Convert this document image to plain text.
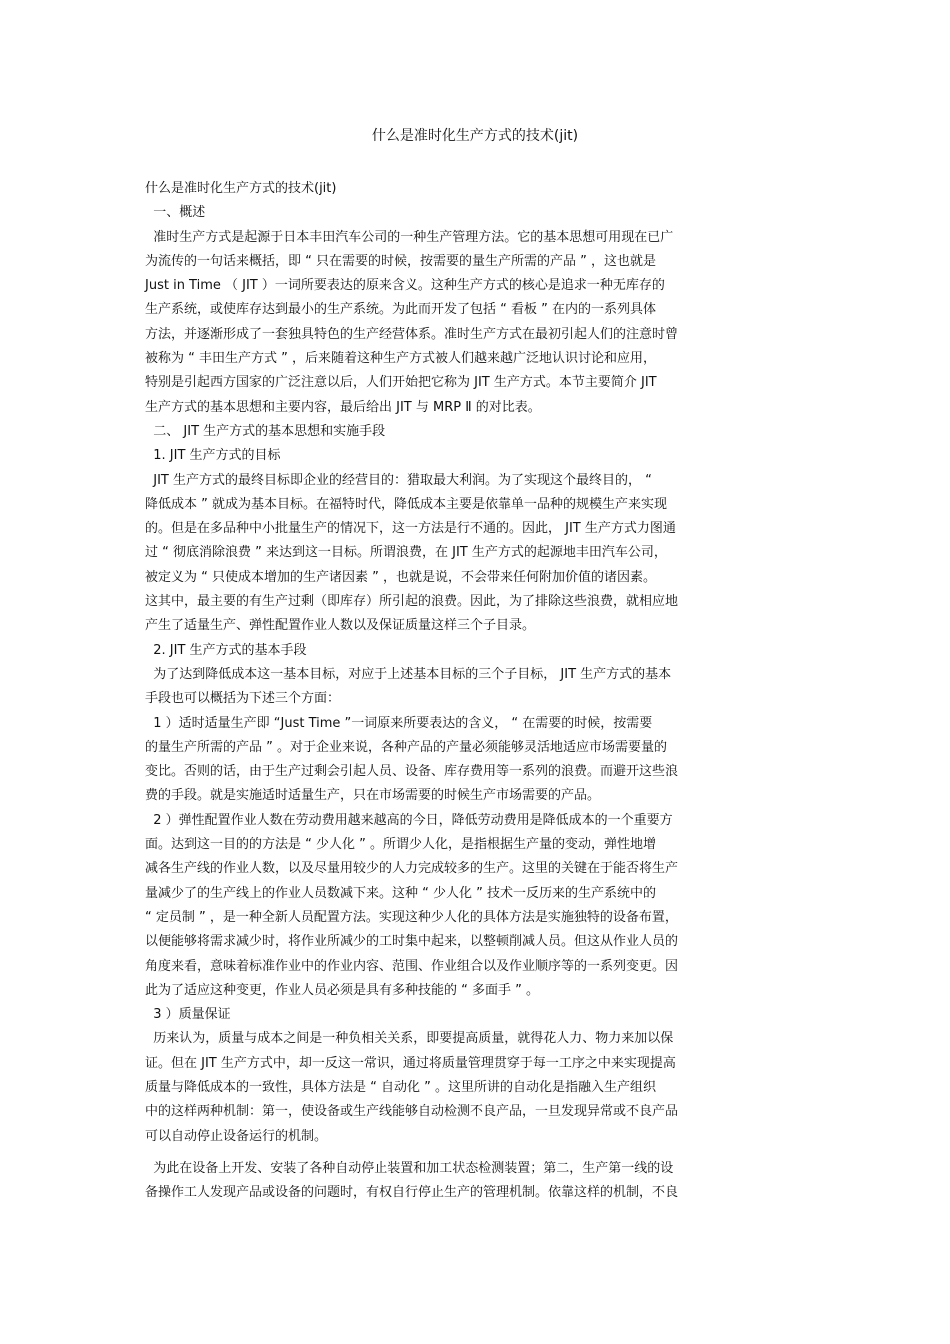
什么是准时化生产方式的技术(jit)
什么是准时化生产方式的技术(jit)
一、概述
准时生产方式是起源于日本丰田汽车公司的一种生产管理方法。它的基本思想可用现在已广
为流传的一句话来概括，即 “ 只在需要的时候，按需要的量生产所需的产品 ” ，这也就是
Just in Time （ JIT ）一词所要表达的原来含义。这种生产方式的核心是追求一种无库存的
生产系统，或使库存达到最小的生产系统。为此而开发了包括 “ 看板 ” 在内的一系列具体
方法，并逐渐形成了一套独具特色的生产经营体系。准时生产方式在最初引起人们的注意时曾
被称为 “ 丰田生产方式 ” ，后来随着这种生产方式被人们越来越广泛地认识讨论和应用，
特别是引起西方国家的广泛注意以后，人们开始把它称为 JIT 生产方式。本节主要简介 JIT
生产方式的基本思想和主要内容，最后给出 JIT 与 MRP Ⅱ 的对比表。
二、 JIT 生产方式的基本思想和实施手段
1. JIT 生产方式的目标
JIT 生产方式的最终目标即企业的经营目的：猎取最大利润。为了实现这个最终目的， “
降低成本 ” 就成为基本目标。在福特时代，降低成本主要是依靠单一品种的规模生产来实现
的。但是在多品种中小批量生产的情况下，这一方法是行不通的。因此， JIT 生产方式力图通
过 “ 彻底消除浪费 ” 来达到这一目标。所谓浪费，在 JIT 生产方式的起源地丰田汽车公司，
被定义为 “ 只使成本增加的生产诸因素 ” ，也就是说，不会带来任何附加价值的诸因素。
这其中，最主要的有生产过剩（即库存）所引起的浪费。因此，为了排除这些浪费，就相应地
产生了适量生产、弹性配置作业人数以及保证质量这样三个子目录。
2. JIT 生产方式的基本手段
为了达到降低成本这一基本目标，对应于上述基本目标的三个子目标， JIT 生产方式的基本
手段也可以概括为下述三个方面：
1 ）适时适量生产即 “Just Time ”一词原来所要表达的含义， “ 在需要的时候，按需要
的量生产所需的产品 ” 。对于企业来说，各种产品的产量必须能够灵活地适应市场需要量的
变比。否则的话，由于生产过剩会引起人员、设备、库存费用等一系列的浪费。而避开这些浪
费的手段。就是实施适时适量生产，只在市场需要的时候生产市场需要的产品。
2 ）弹性配置作业人数在劳动费用越来越高的今日，降低劳动费用是降低成本的一个重要方
面。达到这一目的的方法是 “ 少人化 ” 。所谓少人化，是指根据生产量的变动，弹性地增
减各生产线的作业人数，以及尽量用较少的人力完成较多的生产。这里的关键在于能否将生产
量减少了的生产线上的作业人员数减下来。这种 “ 少人化 ” 技术一反历来的生产系统中的
“ 定员制 ” ，是一种全新人员配置方法。实现这种少人化的具体方法是实施独特的设备布置，
以便能够将需求减少时，将作业所减少的工时集中起来，以整顿削减人员。但这从作业人员的
角度来看，意味着标准作业中的作业内容、范围、作业组合以及作业顺序等的一系列变更。因
此为了适应这种变更，作业人员必须是具有多种技能的 “ 多面手 ” 。
3 ）质量保证
历来认为，质量与成本之间是一种负相关关系，即要提高质量，就得花人力、物力来加以保
证。但在 JIT 生产方式中，却一反这一常识，通过将质量管理贯穿于每一工序之中来实现提高
质量与降低成本的一致性，具体方法是 “ 自动化 ” 。这里所讲的自动化是指融入生产组织
中的这样两种机制：第一，使设备或生产线能够自动检测不良产品，一旦发现异常或不良产品
可以自动停止设备运行的机制。
为此在设备上开发、安装了各种自动停止装置和加工状态检测装置；第二，生产第一线的设
备操作工人发现产品或设备的问题时，有权自行停止生产的管理机制。依靠这样的机制，不良
